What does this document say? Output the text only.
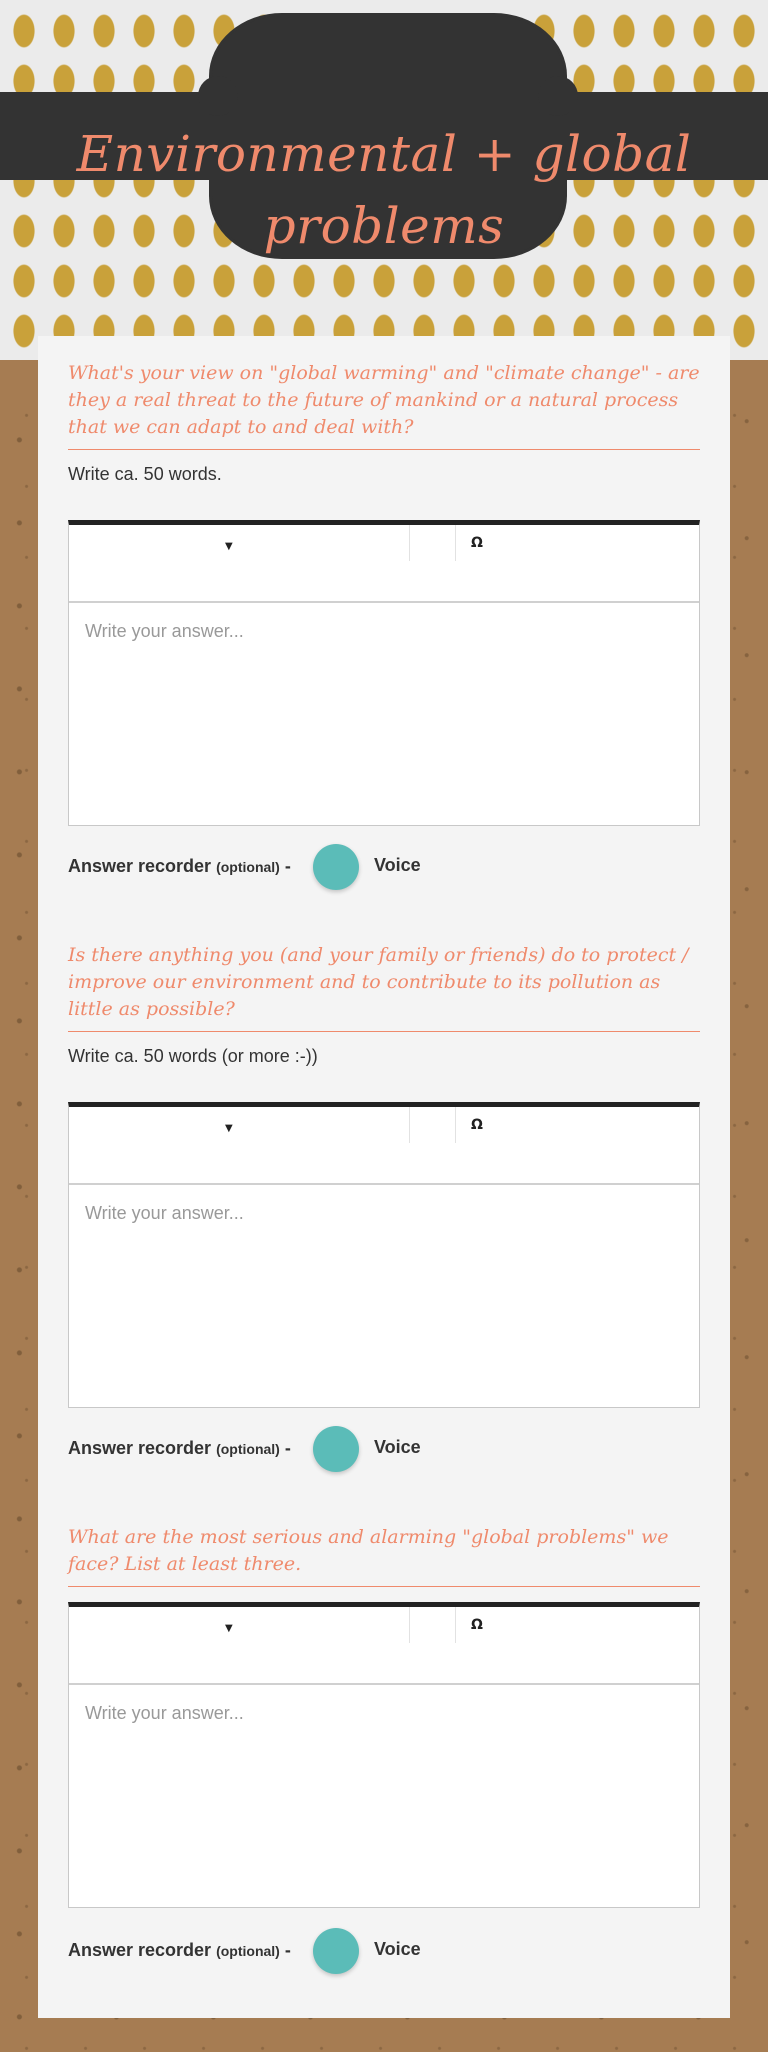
Environmental + global problems

What's your view on "global warming" and "climate change" - are they a real threat to the future of mankind or a natural process that we can adapt to and deal with?

Write ca. 50 words.

▼	Ω
Write your answer...
Answer recorder (optional) -	Voice

Is there anything you (and your family or friends) do to protect / improve our environment and to contribute to its pollution as little as possible?

Write ca. 50 words (or more :-))

▼	Ω
Write your answer...
Answer recorder (optional) -	Voice

What are the most serious and alarming "global problems" we face? List at least three.

▼	Ω
Write your answer...
Answer recorder (optional) -	Voice
